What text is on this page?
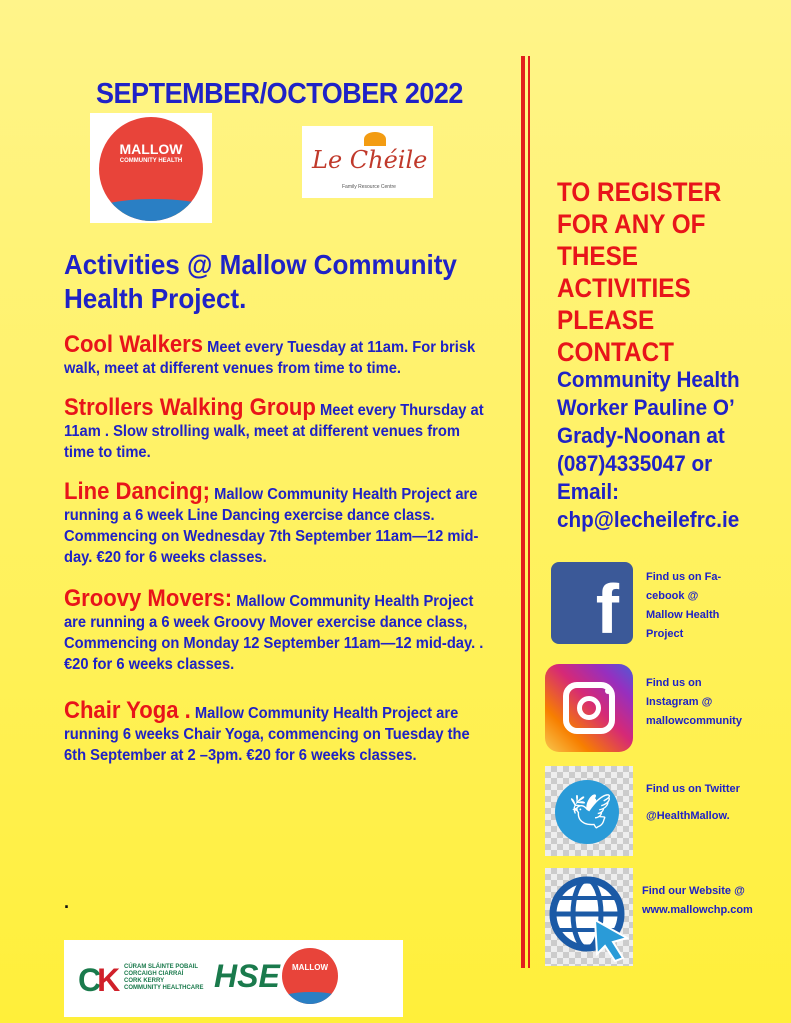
SEPTEMBER/OCTOBER 2022
MALLOW
COMMUNITY HEALTH	Le Chéile
Family Resource Centre
Activities @ Mallow Community Health Project.
Cool Walkers Meet every Tuesday at 11am. For brisk walk, meet at different venues from time to time.
Strollers Walking Group Meet every Thursday at 11am . Slow strolling walk, meet at different venues from time to time.
Line Dancing; Mallow Community Health Project are running a 6 week Line Dancing exercise dance class. Commencing on Wednesday 7th September 11am—12 mid-day. €20 for 6 weeks classes.
Groovy Movers: Mallow Community Health Project are running a 6 week Groovy Mover exercise dance class, Commencing on Monday 12 September 11am—12 mid-day. . €20 for 6 weeks classes.
Chair Yoga . Mallow Community Health Project are running 6 weeks Chair Yoga, commencing on Tuesday the 6th September at 2 –3pm. €20 for 6 weeks classes.
.
TO REGISTER FOR ANY OF THESE ACTIVITIES PLEASE CONTACT
Community Health Worker Pauline O’ Grady-Noonan at (087)4335047 or Email: chp@lecheilefrc.ie
f Find us on Fa-
cebook @
Mallow Health
Project
Find us on
Instagram @
mallowcommunity
🕊
Find us on Twitter
@HealthMallow.
Find our Website @
www.mallowchp.com
CK CÚRAM SLÁINTE POBAIL
CORCAIGH CIARRAÍ
CORK KERRY
COMMUNITY HEALTHCARE HSE	MALLOW
